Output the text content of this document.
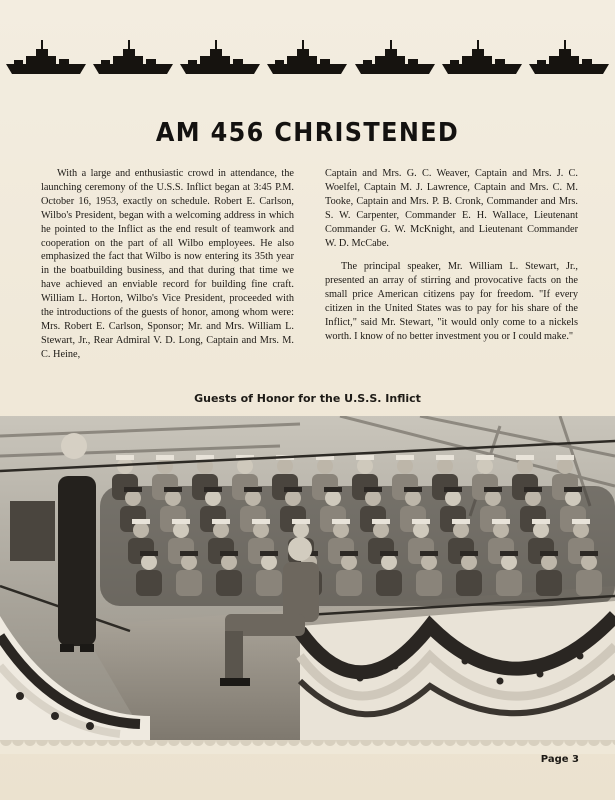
AM 456 CHRISTENED

With a large and enthusiastic crowd in attendance, the launching ceremony of the U.S.S. Inflict began at 3:45 P.M. October 16, 1953, exactly on schedule. Robert E. Carlson, Wilbo's President, began with a welcoming address in which he pointed to the Inflict as the end result of teamwork and cooperation on the part of all Wilbo employees. He also emphasized the fact that Wilbo is now entering its 35th year in the boatbuilding business, and that during that time we have achieved an enviable record for building fine craft. William L. Horton, Wilbo's Vice President, proceeded with the introductions of the guests of honor, among whom were: Mrs. Robert E. Carlson, Sponsor; Mr. and Mrs. William L. Stewart, Jr., Rear Admiral V. D. Long, Captain and Mrs. M. C. Heine,

Captain and Mrs. G. C. Weaver, Captain and Mrs. J. C. Woelfel, Captain M. J. Lawrence, Captain and Mrs. C. M. Tooke, Captain and Mrs. P. B. Cronk, Commander and Mrs. S. W. Carpenter, Commander E. H. Wallace, Lieutenant Commander G. W. McKnight, and Lieutenant Commander W. D. McCabe.

The principal speaker, Mr. William L. Stewart, Jr., presented an array of stirring and provocative facts on the small price American citizens pay for freedom. "If every citizen in the United States was to pay for his share of the Inflict," said Mr. Stewart, "it would only come to a nickels worth. I know of no better investment you or I could make."

Guests of Honor for the U.S.S. Inflict
Page 3
